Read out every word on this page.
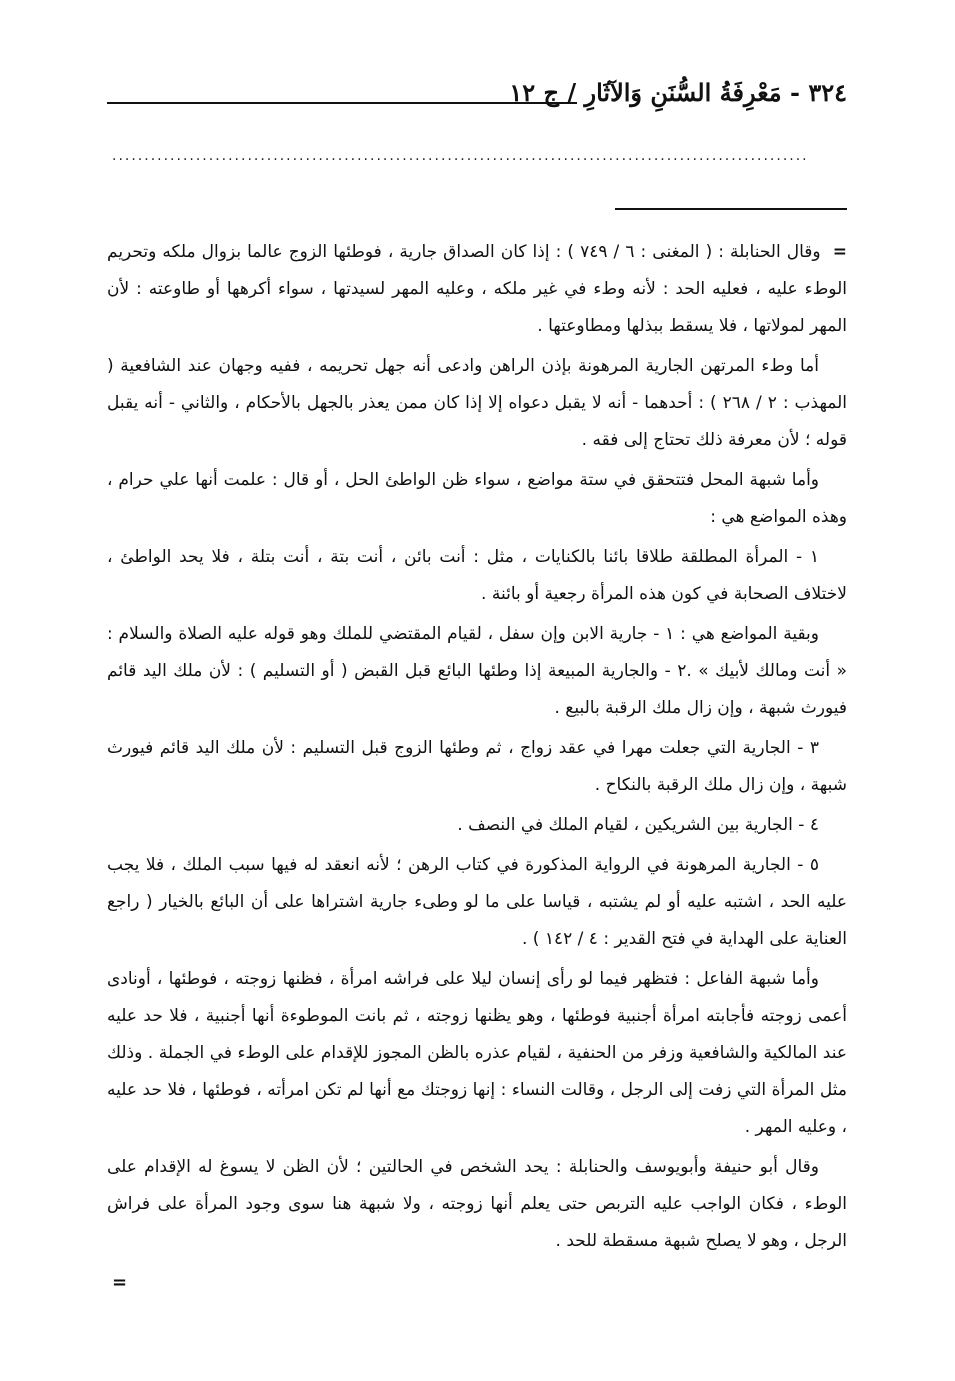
٣٢٤ - مَعْرِفَةُ السُّنَنِ وَالآثَارِ / ج ١٢
............................................................................................................

=  وقال الحنابلة : ( المغنى : ٦ / ٧٤٩ ) : إذا كان الصداق جارية ، فوطئها الزوج عالما بزوال ملكه وتحريم الوطء عليه ، فعليه الحد : لأنه وطء في غير ملكه ، وعليه المهر لسيدتها ، سواء أكرهها أو طاوعته : لأن المهر لمولاتها ، فلا يسقط ببذلها ومطاوعتها .

أما وطء المرتهن الجارية المرهونة بإذن الراهن وادعى أنه جهل تحريمه ، ففيه وجهان عند الشافعية ( المهذب : ٢ / ٢٦٨ ) : أحدهما - أنه لا يقبل دعواه إلا إذا كان ممن يعذر بالجهل بالأحكام ، والثاني - أنه يقبل قوله ؛ لأن معرفة ذلك تحتاج إلى فقه .

وأما شبهة المحل فتتحقق في ستة مواضع ، سواء ظن الواطئ الحل ، أو قال : علمت أنها علي حرام ، وهذه المواضع هي :

١ - المرأة المطلقة طلاقا بائنا بالكنايات ، مثل : أنت بائن ، أنت بتة ، أنت بتلة ، فلا يحد الواطئ ، لاختلاف الصحابة في كون هذه المرأة رجعية أو بائنة .

وبقية المواضع هي : ١ - جارية الابن وإن سفل ، لقيام المقتضي للملك وهو قوله عليه الصلاة والسلام : « أنت ومالك لأبيك » .٢ - والجارية المبيعة إذا وطئها البائع قبل القبض ( أو التسليم ) : لأن ملك اليد قائم فيورث شبهة ، وإن زال ملك الرقبة بالبيع .

٣ - الجارية التي جعلت مهرا في عقد زواج ، ثم وطئها الزوج قبل التسليم : لأن ملك اليد قائم فيورث شبهة ، وإن زال ملك الرقبة بالنكاح .

٤ - الجارية بين الشريكين ، لقيام الملك في النصف .

٥ - الجارية المرهونة في الرواية المذكورة في كتاب الرهن ؛ لأنه انعقد له فيها سبب الملك ، فلا يجب عليه الحد ، اشتبه عليه أو لم يشتبه ، قياسا على ما لو وطىء جارية اشتراها على أن البائع بالخيار ( راجع العناية على الهداية في فتح القدير : ٤ / ١٤٢ ) .

وأما شبهة الفاعل : فتظهر فيما لو رأى إنسان ليلا على فراشه امرأة ، فظنها زوجته ، فوطئها ، أونادى أعمى زوجته فأجابته امرأة أجنبية فوطئها ، وهو يظنها زوجته ، ثم بانت الموطوءة أنها أجنبية ، فلا حد عليه عند المالكية والشافعية وزفر من الحنفية ، لقيام عذره بالظن المجوز للإقدام على الوطء في الجملة . وذلك مثل المرأة التي زفت إلى الرجل ، وقالت النساء : إنها زوجتك مع أنها لم تكن امرأته ، فوطئها ، فلا حد عليه ، وعليه المهر .

وقال أبو حنيفة وأبويوسف والحنابلة : يحد الشخص في الحالتين ؛ لأن الظن لا يسوغ له الإقدام على الوطء ، فكان الواجب عليه التربص حتى يعلم أنها زوجته ، ولا شبهة هنا سوى وجود المرأة على فراش الرجل ، وهو لا يصلح شبهة مسقطة للحد .

=
